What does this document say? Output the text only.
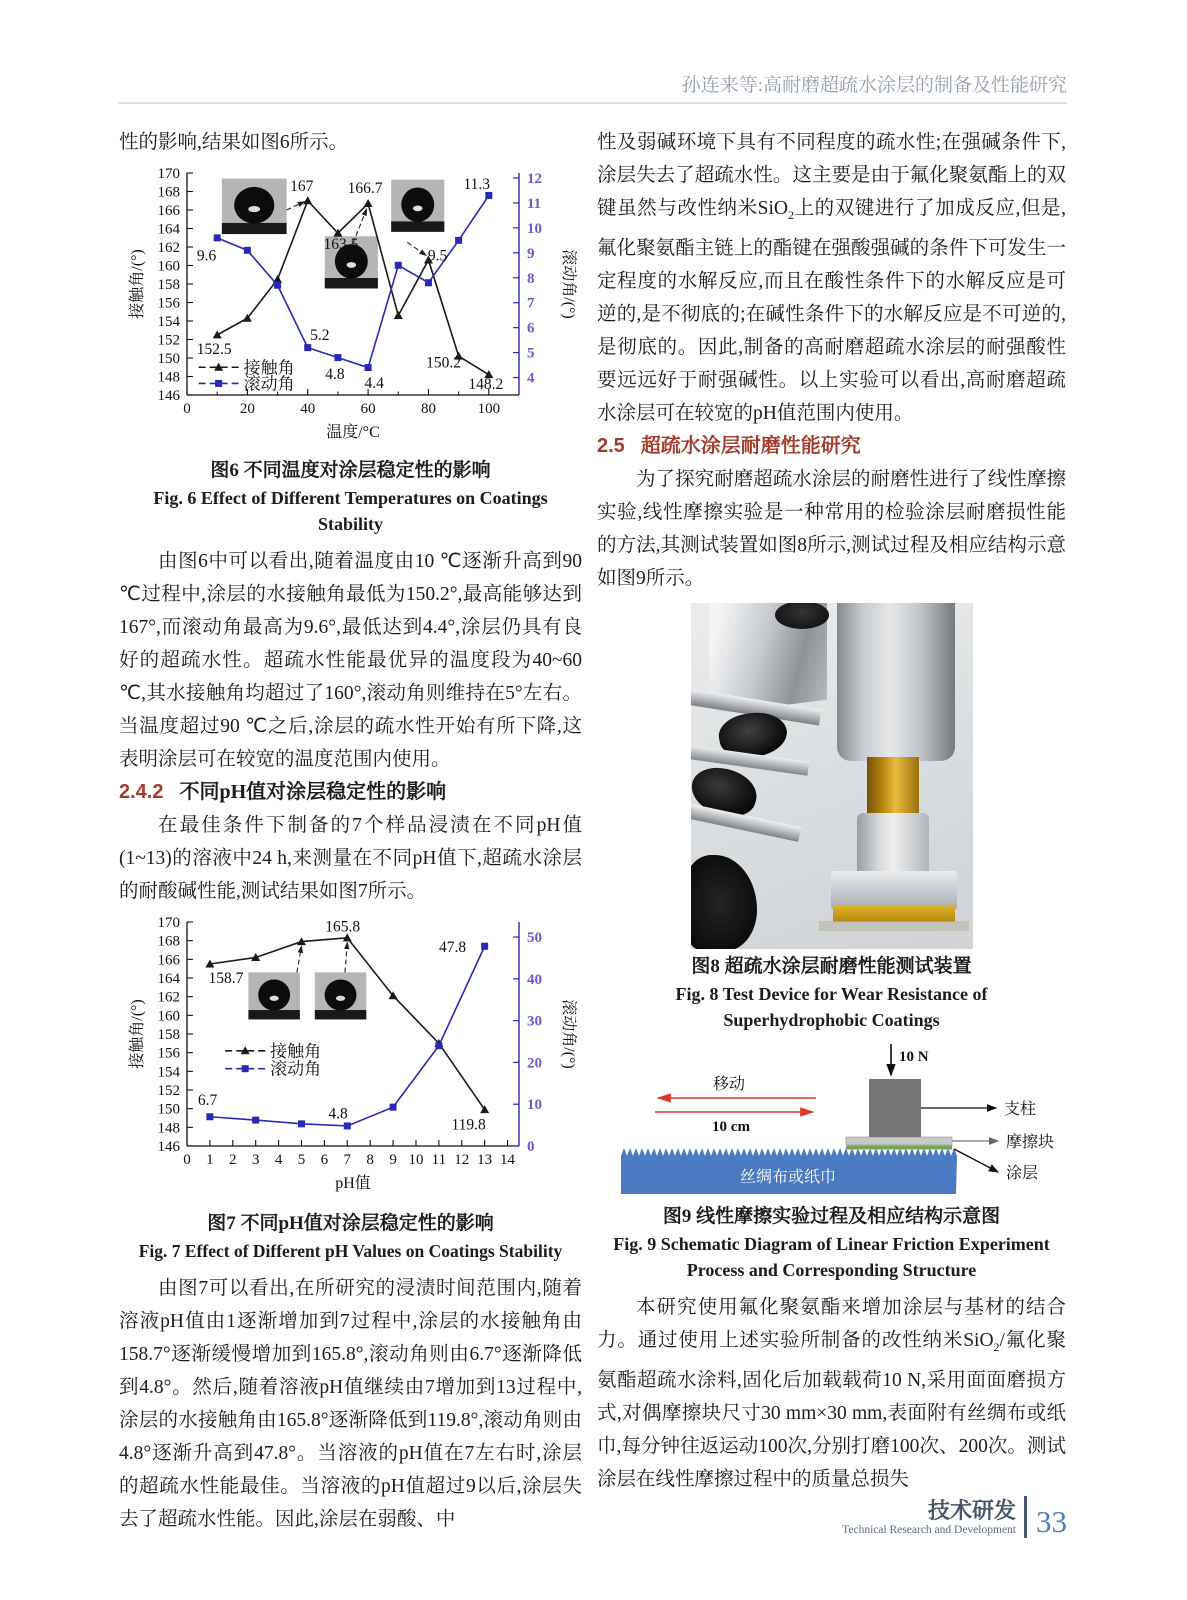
孙连来等:高耐磨超疏水涂层的制备及性能研究

性的影响,结果如图6所示。

146
148
150
152
154
156
158
160
162
164
166
168
170
4
5
6
7
8
9
10
11
12
0	20	40	60	80	100
接触角/(°)	滚动角/(°)
温度/°C
152.5
167
163.5
166.7
150.2
148.2
9.6
5.2
4.8
4.4
9.5
11.3
接触角
滚动角
图6 不同温度对涂层稳定性的影响
Fig. 6 Effect of Different Temperatures on Coatings Stability

由图6中可以看出,随着温度由10 ℃逐渐升高到90 ℃过程中,涂层的水接触角最低为150.2°,最高能够达到167°,而滚动角最高为9.6°,最低达到4.4°,涂层仍具有良好的超疏水性。超疏水性能最优异的温度段为40~60 ℃,其水接触角均超过了160°,滚动角则维持在5°左右。当温度超过90 ℃之后,涂层的疏水性开始有所下降,这表明涂层可在较宽的温度范围内使用。

2.4.2 不同pH值对涂层稳定性的影响

在最佳条件下制备的7个样品浸渍在不同pH值(1~13)的溶液中24 h,来测量在不同pH值下,超疏水涂层的耐酸碱性能,测试结果如图7所示。

146
148
150
152
154
156
158
160
162
164
166
168
170
0
10
20
30
40
50
0 1 2 3 4 5 6 7 8 9 10 11 12 13 14
接触角/(°)	滚动角/(°)
pH值
158.7
165.8
119.8
6.7
4.8
47.8
接触角
滚动角
图7 不同pH值对涂层稳定性的影响
Fig. 7 Effect of Different pH Values on Coatings Stability

由图7可以看出,在所研究的浸渍时间范围内,随着溶液pH值由1逐渐增加到7过程中,涂层的水接触角由158.7°逐渐缓慢增加到165.8°,滚动角则由6.7°逐渐降低到4.8°。然后,随着溶液pH值继续由7增加到13过程中,涂层的水接触角由165.8°逐渐降低到119.8°,滚动角则由4.8°逐渐升高到47.8°。当溶液的pH值在7左右时,涂层的超疏水性能最佳。当溶液的pH值超过9以后,涂层失去了超疏水性能。因此,涂层在弱酸、中

性及弱碱环境下具有不同程度的疏水性;在强碱条件下,涂层失去了超疏水性。这主要是由于氟化聚氨酯上的双键虽然与改性纳米SiO$_2$上的双键进行了加成反应,但是,氟化聚氨酯主链上的酯键在强酸强碱的条件下可发生一定程度的水解反应,而且在酸性条件下的水解反应是可逆的,是不彻底的;在碱性条件下的水解反应是不可逆的,是彻底的。因此,制备的高耐磨超疏水涂层的耐强酸性要远远好于耐强碱性。以上实验可以看出,高耐磨超疏水涂层可在较宽的pH值范围内使用。

2.5 超疏水涂层耐磨性能研究

为了探究耐磨超疏水涂层的耐磨性进行了线性摩擦实验,线性摩擦实验是一种常用的检验涂层耐磨损性能的方法,其测试装置如图8所示,测试过程及相应结构示意如图9所示。

图8 超疏水涂层耐磨性能测试装置
Fig. 8 Test Device for Wear Resistance of Superhydrophobic Coatings
丝绸布或纸巾
10 N
支柱
摩擦块
涂层
移动
10 cm
图9 线性摩擦实验过程及相应结构示意图
Fig. 9 Schematic Diagram of Linear Friction Experiment Process and Corresponding Structure

本研究使用氟化聚氨酯来增加涂层与基材的结合力。通过使用上述实验所制备的改性纳米SiO$_2$/氟化聚氨酯超疏水涂料,固化后加载载荷10 N,采用面面磨损方式,对偶摩擦块尺寸30 mm×30 mm,表面附有丝绸布或纸巾,每分钟往返运动100次,分别打磨100次、200次。测试涂层在线性摩擦过程中的质量总损失

技术研发
Technical Research and Development 33
